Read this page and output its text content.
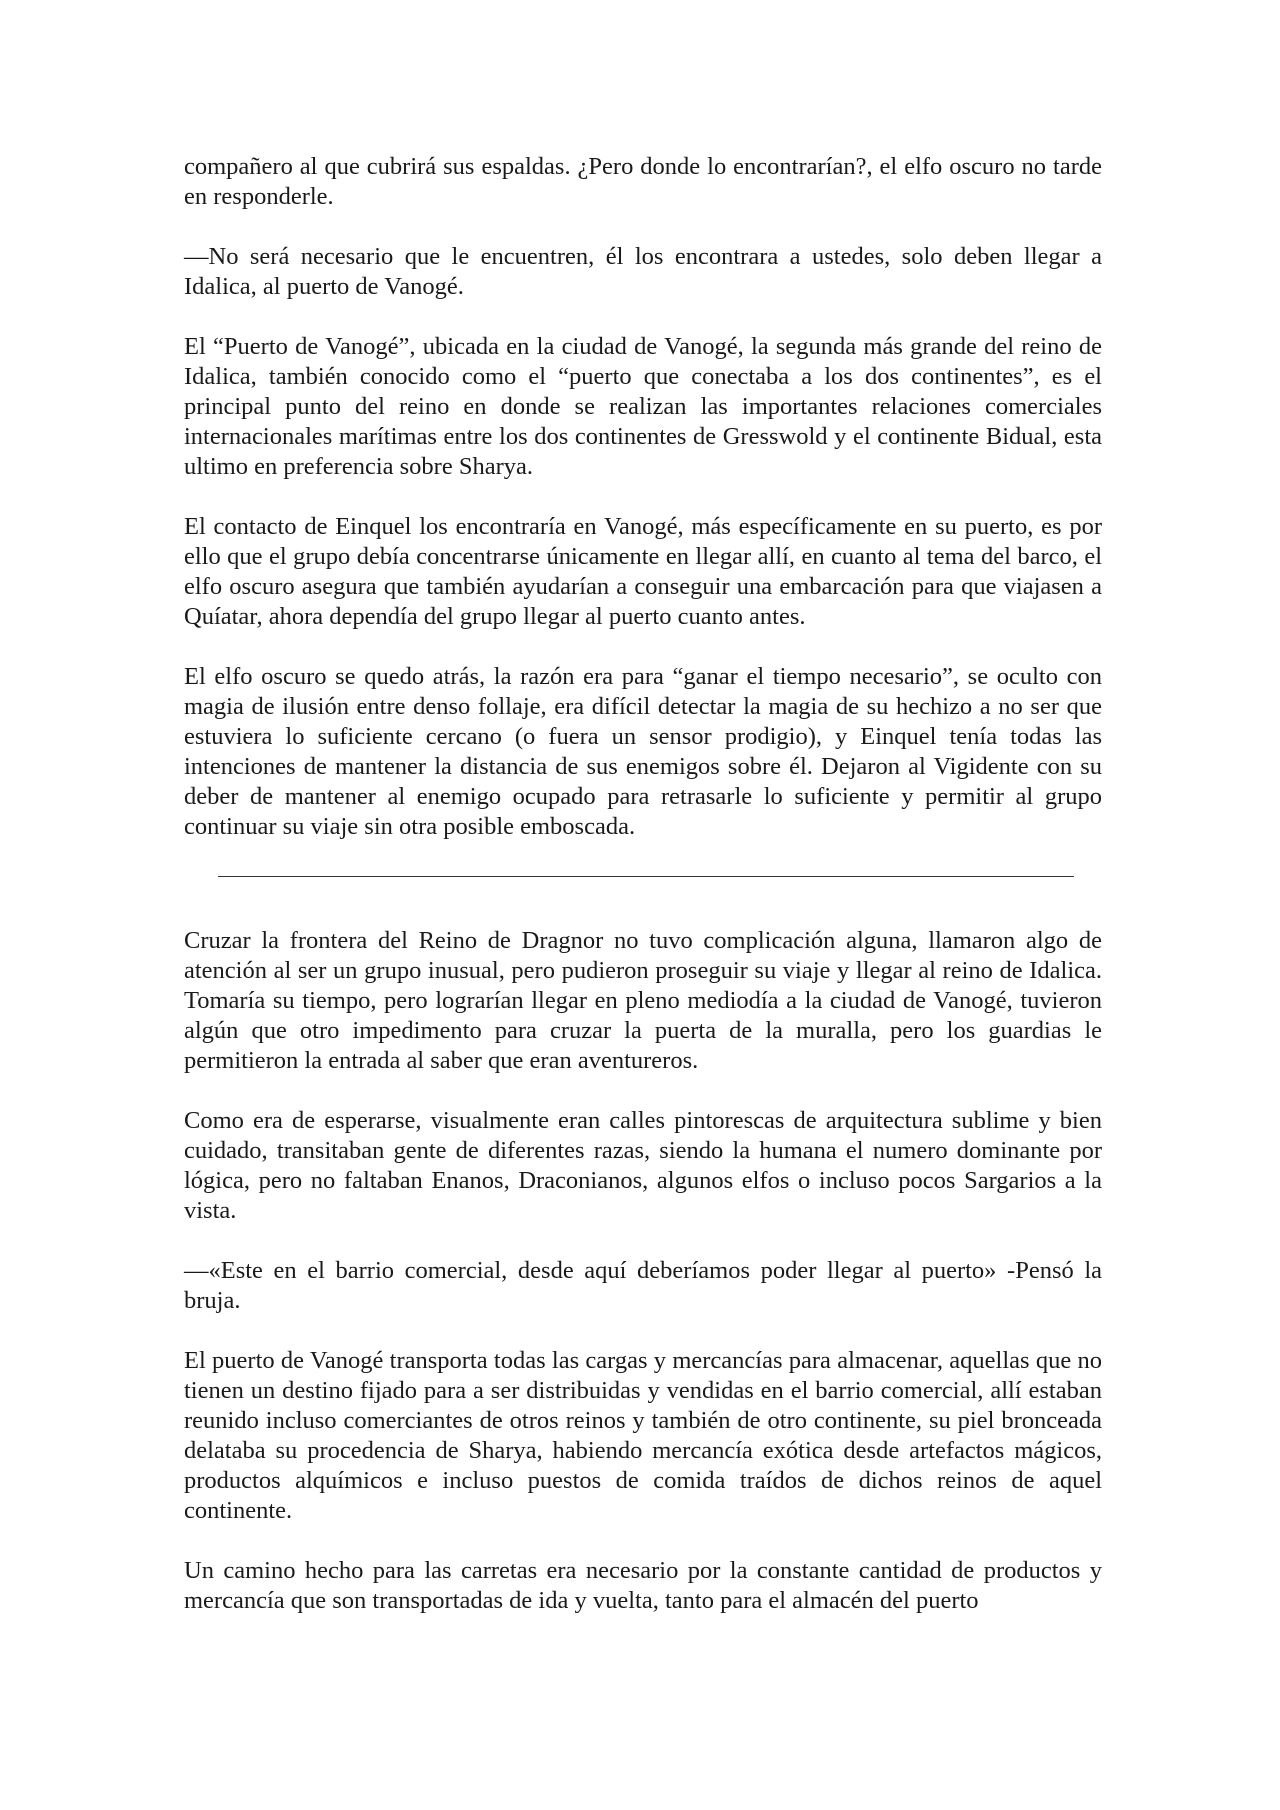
compañero al que cubrirá sus espaldas. ¿Pero donde lo encontrarían?, el elfo oscuro no tarde en responderle.

—No será necesario que le encuentren, él los encontrara a ustedes, solo deben llegar a Idalica, al puerto de Vanogé.

El “Puerto de Vanogé”, ubicada en la ciudad de Vanogé, la segunda más grande del reino de Idalica, también conocido como el “puerto que conectaba a los dos continentes”, es el principal punto del reino en donde se realizan las importantes relaciones comerciales internacionales marítimas entre los dos continentes de Gresswold y el continente Bidual, esta ultimo en preferencia sobre Sharya.

El contacto de Einquel los encontraría en Vanogé, más específicamente en su puerto, es por ello que el grupo debía concentrarse únicamente en llegar allí, en cuanto al tema del barco, el elfo oscuro asegura que también ayudarían a conseguir una embarcación para que viajasen a Quíatar, ahora dependía del grupo llegar al puerto cuanto antes.

El elfo oscuro se quedo atrás, la razón era para “ganar el tiempo necesario”, se oculto con magia de ilusión entre denso follaje, era difícil detectar la magia de su hechizo a no ser que estuviera lo suficiente cercano (o fuera un sensor prodigio), y Einquel tenía todas las intenciones de mantener la distancia de sus enemigos sobre él. Dejaron al Vigidente con su deber de mantener al enemigo ocupado para retrasarle lo suficiente y permitir al grupo continuar su viaje sin otra posible emboscada.

Cruzar la frontera del Reino de Dragnor no tuvo complicación alguna, llamaron algo de atención al ser un grupo inusual, pero pudieron proseguir su viaje y llegar al reino de Idalica. Tomaría su tiempo, pero lograrían llegar en pleno mediodía a la ciudad de Vanogé, tuvieron algún que otro impedimento para cruzar la puerta de la muralla, pero los guardias le permitieron la entrada al saber que eran aventureros.

Como era de esperarse, visualmente eran calles pintorescas de arquitectura sublime y bien cuidado, transitaban gente de diferentes razas, siendo la humana el numero dominante por lógica, pero no faltaban Enanos, Draconianos, algunos elfos o incluso pocos Sargarios a la vista.

—«Este en el barrio comercial, desde aquí deberíamos poder llegar al puerto» -Pensó la bruja.

El puerto de Vanogé transporta todas las cargas y mercancías para almacenar, aquellas que no tienen un destino fijado para a ser distribuidas y vendidas en el barrio comercial, allí estaban reunido incluso comerciantes de otros reinos y también de otro continente, su piel bronceada delataba su procedencia de Sharya, habiendo mercancía exótica desde artefactos mágicos, productos alquímicos e incluso puestos de comida traídos de dichos reinos de aquel continente.

Un camino hecho para las carretas era necesario por la constante cantidad de productos y mercancía que son transportadas de ida y vuelta, tanto para el almacén del puerto
